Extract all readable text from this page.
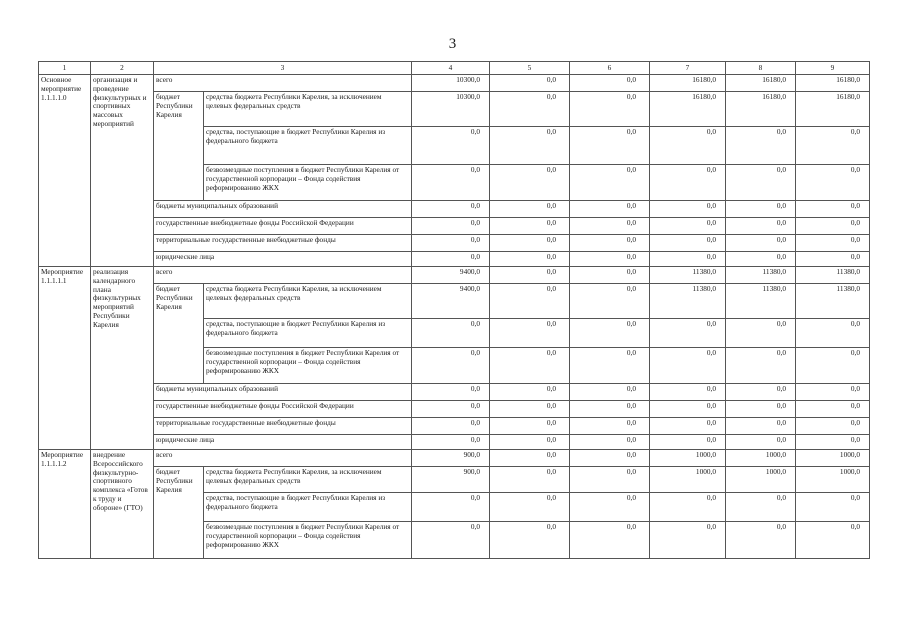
3
1	2	3		4	5	6	7	8	9
Основное мероприятие 1.1.1.1.0	организация и проведение физкультурных и спортивных массовых мероприятий	всего		10300,0	0,0	0,0	16180,0	16180,0	16180,0
		бюджет Республики Карелия	средства бюджета Республики Карелия, за исключением целевых федеральных средств	10300,0	0,0	0,0	16180,0	16180,0	16180,0
			средства, поступающие в бюджет Республики Карелия из федерального бюджета	0,0	0,0	0,0	0,0	0,0	0,0
			безвозмездные поступления в бюджет Республики Карелия от государственной корпорации – Фонда содействия реформированию ЖКХ	0,0	0,0	0,0	0,0	0,0	0,0
		бюджеты муниципальных образований		0,0	0,0	0,0	0,0	0,0	0,0
		государственные внебюджетные фонды Российской Федерации		0,0	0,0	0,0	0,0	0,0	0,0
		территориальные государственные внебюджетные фонды		0,0	0,0	0,0	0,0	0,0	0,0
		юридические лица		0,0	0,0	0,0	0,0	0,0	0,0
Мероприятие 1.1.1.1.1	реализация календарного плана физкультурных мероприятий Республики Карелия	всего		9400,0	0,0	0,0	11380,0	11380,0	11380,0
		бюджет Республики Карелия	средства бюджета Республики Карелия, за исключением целевых федеральных средств	9400,0	0,0	0,0	11380,0	11380,0	11380,0
			средства, поступающие в бюджет Республики Карелия из федерального бюджета	0,0	0,0	0,0	0,0	0,0	0,0
			безвозмездные поступления в бюджет Республики Карелия от государственной корпорации – Фонда содействия реформированию ЖКХ	0,0	0,0	0,0	0,0	0,0	0,0
		бюджеты муниципальных образований		0,0	0,0	0,0	0,0	0,0	0,0
		государственные внебюджетные фонды Российской Федерации		0,0	0,0	0,0	0,0	0,0	0,0
		территориальные государственные внебюджетные фонды		0,0	0,0	0,0	0,0	0,0	0,0
		юридические лица		0,0	0,0	0,0	0,0	0,0	0,0
Мероприятие 1.1.1.1.2	внедрение Всероссийского физкультурно-спортивного комплекса «Готов к труду и обороне» (ГТО)	всего		900,0	0,0	0,0	1000,0	1000,0	1000,0
		бюджет Республики Карелия	средства бюджета Республики Карелия, за исключением целевых федеральных средств	900,0	0,0	0,0	1000,0	1000,0	1000,0
			средства, поступающие в бюджет Республики Карелия из федерального бюджета	0,0	0,0	0,0	0,0	0,0	0,0
			безвозмездные поступления в бюджет Республики Карелия от государственной корпорации – Фонда содействия реформированию ЖКХ	0,0	0,0	0,0	0,0	0,0	0,0
